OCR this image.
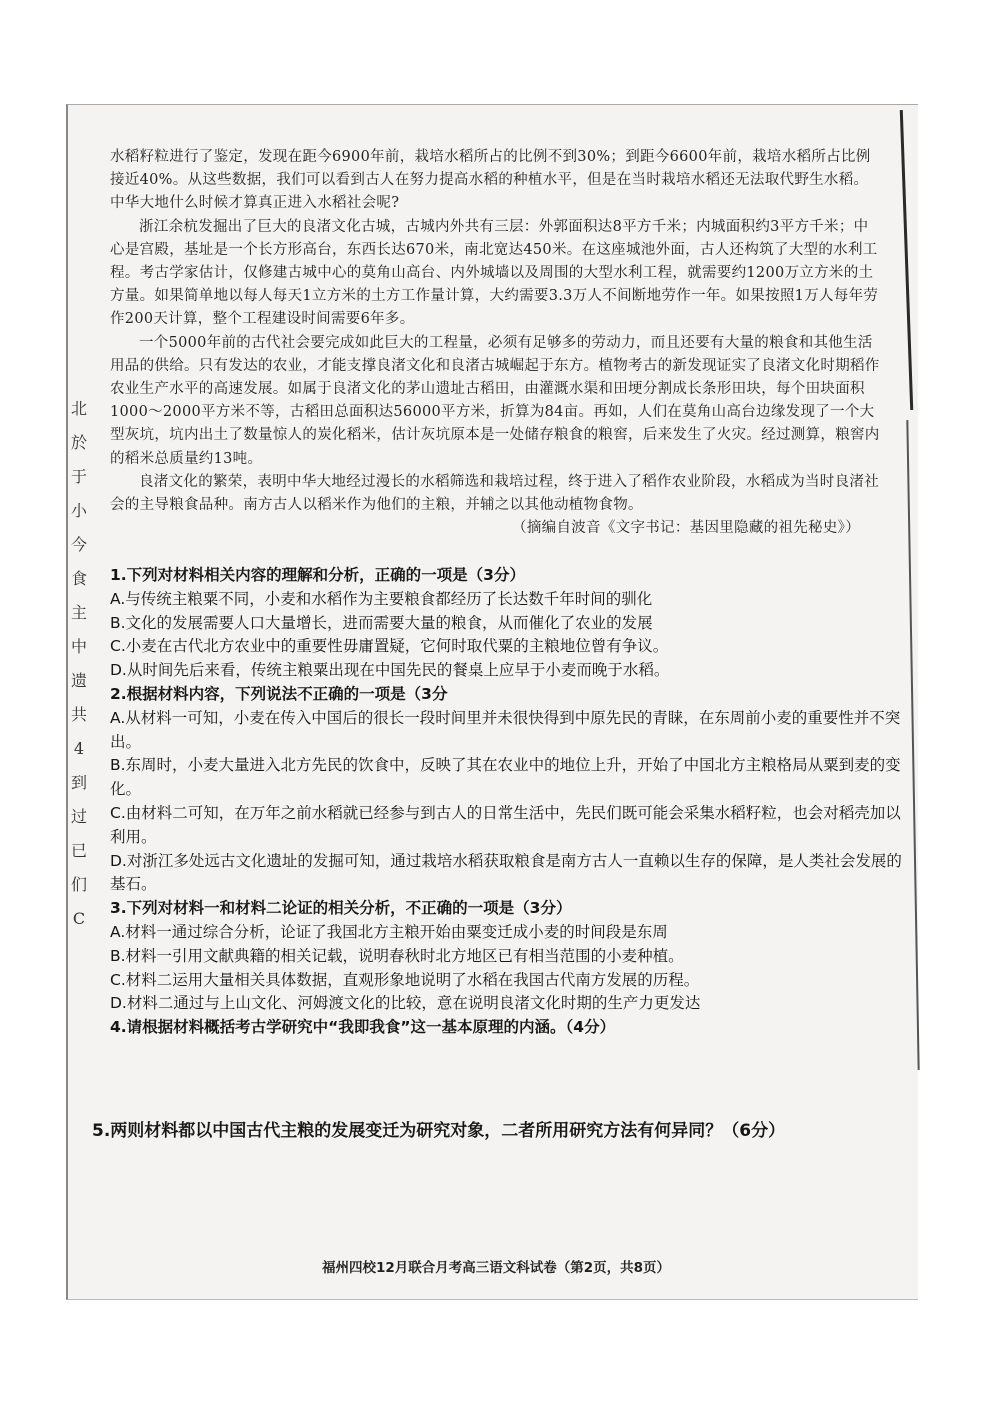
北
於
于
小
今
食
主
中
遗
共
4
到
过
已
们
C

水稻籽粒进行了鉴定，发现在距今6900年前，栽培水稻所占的比例不到30%；到距今6600年前，栽培水稻所占比例接近40%。从这些数据，我们可以看到古人在努力提高水稻的种植水平，但是在当时栽培水稻还无法取代野生水稻。中华大地什么时候才算真正进入水稻社会呢?

浙江余杭发掘出了巨大的良渚文化古城，古城内外共有三层：外郭面积达8平方千米；内城面积约3平方千米；中心是宫殿，基址是一个长方形高台，东西长达670米，南北宽达450米。在这座城池外面，古人还构筑了大型的水利工程。考古学家估计，仅修建古城中心的莫角山高台、内外城墙以及周围的大型水利工程，就需要约1200万立方米的土方量。如果简单地以每人每天1立方米的土方工作量计算，大约需要3.3万人不间断地劳作一年。如果按照1万人每年劳作200天计算，整个工程建设时间需要6年多。

一个5000年前的古代社会要完成如此巨大的工程量，必须有足够多的劳动力，而且还要有大量的粮食和其他生活用品的供给。只有发达的农业，才能支撑良渚文化和良渚古城崛起于东方。植物考古的新发现证实了良渚文化时期稻作农业生产水平的高速发展。如属于良渚文化的茅山遗址古稻田，由灌溉水渠和田埂分割成长条形田块，每个田块面积1000～2000平方米不等，古稻田总面积达56000平方米，折算为84亩。再如，人们在莫角山高台边缘发现了一个大型灰坑，坑内出土了数量惊人的炭化稻米，估计灰坑原本是一处储存粮食的粮窖，后来发生了火灾。经过测算，粮窖内的稻米总质量约13吨。

良渚文化的繁荣，表明中华大地经过漫长的水稻筛选和栽培过程，终于进入了稻作农业阶段，水稻成为当时良渚社会的主导粮食品种。南方古人以稻米作为他们的主粮，并辅之以其他动植物食物。

（摘编自波音《文字书记：基因里隐藏的祖先秘史》）

1.下列对材料相关内容的理解和分析，正确的一项是（3分）

A.与传统主粮粟不同，小麦和水稻作为主要粮食都经历了长达数千年时间的驯化

B.文化的发展需要人口大量增长，进而需要大量的粮食，从而催化了农业的发展

C.小麦在古代北方农业中的重要性毋庸置疑，它何时取代粟的主粮地位曾有争议。

D.从时间先后来看，传统主粮粟出现在中国先民的餐桌上应早于小麦而晚于水稻。

2.根据材料内容，下列说法不正确的一项是（3分

A.从材料一可知，小麦在传入中国后的很长一段时间里并未很快得到中原先民的青睐，在东周前小麦的重要性并不突出。

B.东周时，小麦大量进入北方先民的饮食中，反映了其在农业中的地位上升，开始了中国北方主粮格局从粟到麦的变化。

C.由材料二可知，在万年之前水稻就已经参与到古人的日常生活中，先民们既可能会采集水稻籽粒，也会对稻壳加以利用。

D.对浙江多处远古文化遗址的发掘可知，通过栽培水稻获取粮食是南方古人一直赖以生存的保障，是人类社会发展的基石。

3.下列对材料一和材料二论证的相关分析，不正确的一项是（3分）

A.材料一通过综合分析，论证了我国北方主粮开始由粟变迁成小麦的时间段是东周

B.材料一引用文献典籍的相关记载，说明春秋时北方地区已有相当范围的小麦种植。

C.材料二运用大量相关具体数据，直观形象地说明了水稻在我国古代南方发展的历程。

D.材料二通过与上山文化、河姆渡文化的比较，意在说明良渚文化时期的生产力更发达

4.请根据材料概括考古学研究中“我即我食”这一基本原理的内涵。（4分）

5.两则材料都以中国古代主粮的发展变迁为研究对象，二者所用研究方法有何异同？（6分）
福州四校12月联合月考高三语文科试卷（第2页，共8页）
